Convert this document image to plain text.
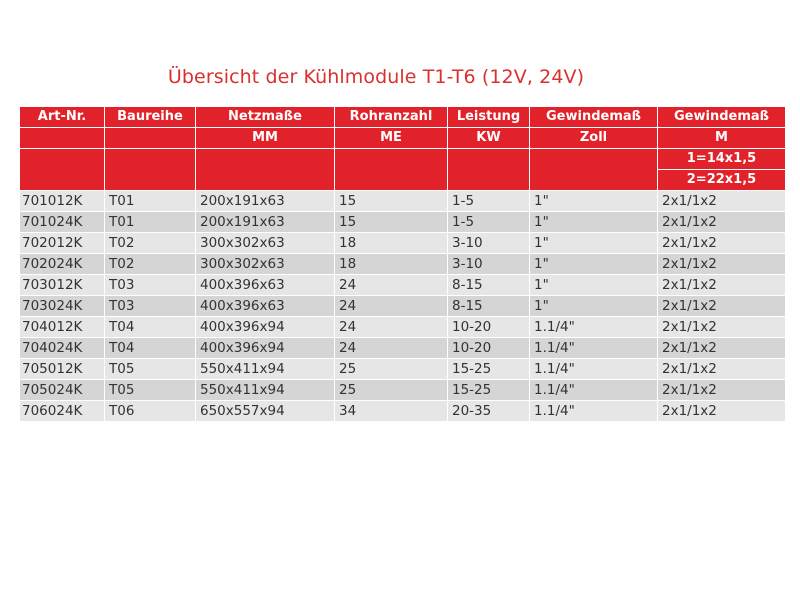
Übersicht der Kühlmodule T1-T6 (12V, 24V)
Art-Nr.	Baureihe	Netzmaße	Rohranzahl	Leistung	Gewindemaß	Gewindemaß
		MM	ME	KW	Zoll	M
						1=14x1,5
						2=22x1,5
701012K	T01	200x191x63	15	1-5	1"	2x1/1x2
701024K	T01	200x191x63	15	1-5	1"	2x1/1x2
702012K	T02	300x302x63	18	3-10	1"	2x1/1x2
702024K	T02	300x302x63	18	3-10	1"	2x1/1x2
703012K	T03	400x396x63	24	8-15	1"	2x1/1x2
703024K	T03	400x396x63	24	8-15	1"	2x1/1x2
704012K	T04	400x396x94	24	10-20	1.1/4"	2x1/1x2
704024K	T04	400x396x94	24	10-20	1.1/4"	2x1/1x2
705012K	T05	550x411x94	25	15-25	1.1/4"	2x1/1x2
705024K	T05	550x411x94	25	15-25	1.1/4"	2x1/1x2
706024K	T06	650x557x94	34	20-35	1.1/4"	2x1/1x2
